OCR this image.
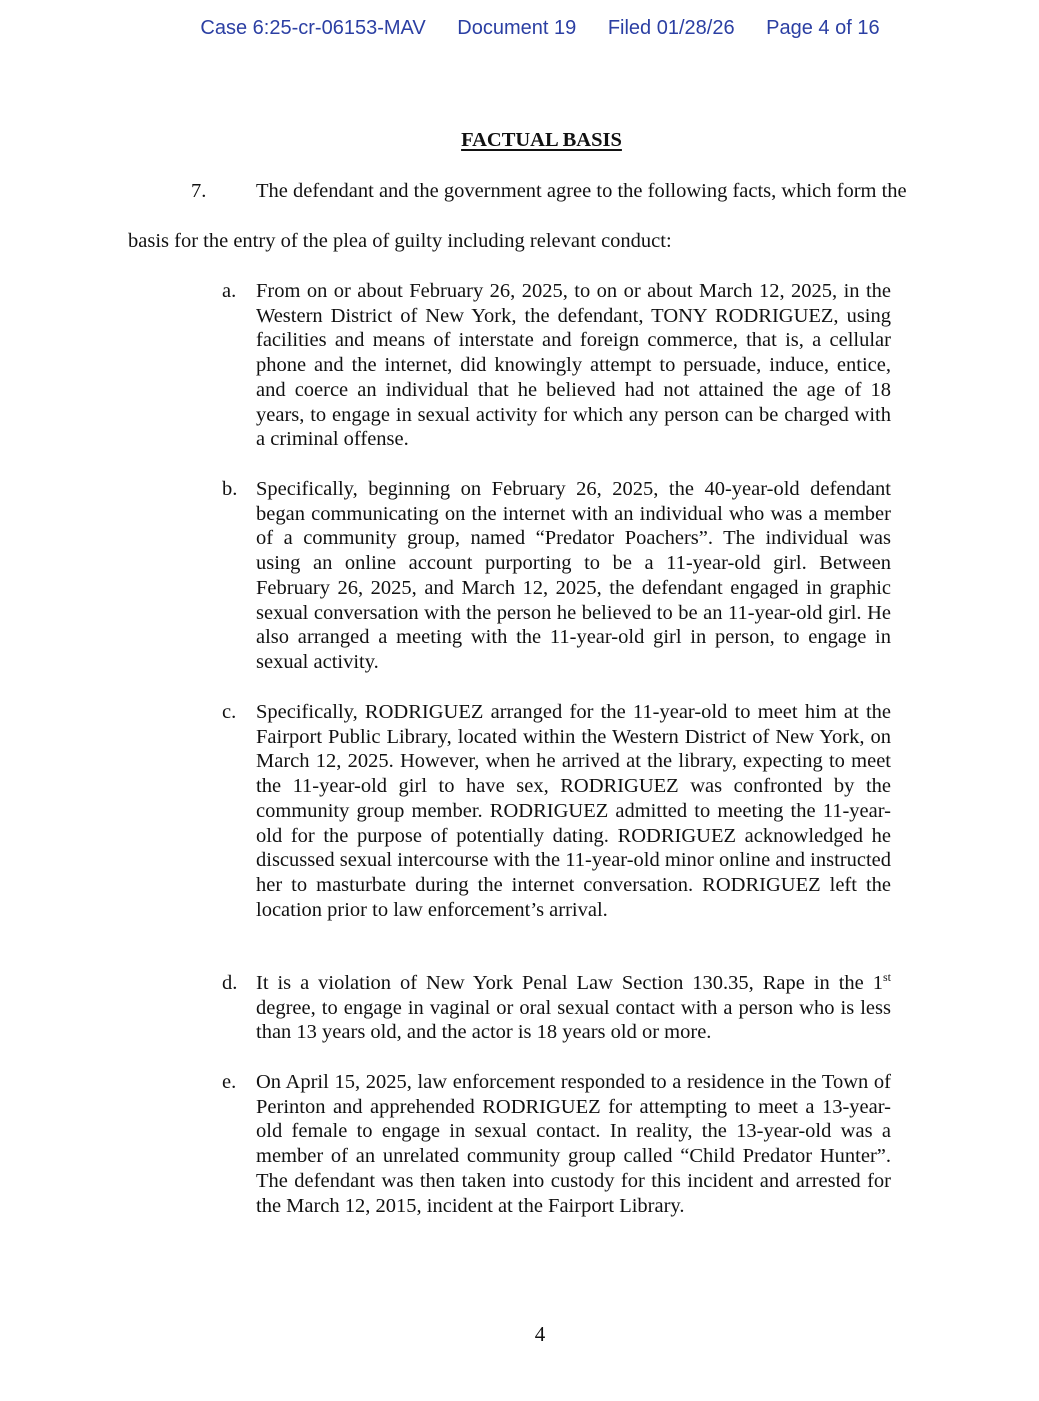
Case 6:25-cr-06153-MAV Document 19 Filed 01/28/26 Page 4 of 16
FACTUAL BASIS
7. The defendant and the government agree to the following facts, which form the
basis for the entry of the plea of guilty including relevant conduct:
a. From on or about February 26, 2025, to on or about March 12, 2025, in the Western District of New York, the defendant, TONY RODRIGUEZ, using facilities and means of interstate and foreign commerce, that is, a cellular phone and the internet, did knowingly attempt to persuade, induce, entice, and coerce an individual that he believed had not attained the age of 18 years, to engage in sexual activity for which any person can be charged with a criminal offense.
b. Specifically, beginning on February 26, 2025, the 40-year-old defendant began communicating on the internet with an individual who was a member of a community group, named “Predator Poachers”. The individual was using an online account purporting to be a 11-year-old girl. Between February 26, 2025, and March 12, 2025, the defendant engaged in graphic sexual conversation with the person he believed to be an 11-year-old girl. He also arranged a meeting with the 11-year-old girl in person, to engage in sexual activity.
c. Specifically, RODRIGUEZ arranged for the 11-year-old to meet him at the Fairport Public Library, located within the Western District of New York, on March 12, 2025. However, when he arrived at the library, expecting to meet the 11-year-old girl to have sex, RODRIGUEZ was confronted by the community group member. RODRIGUEZ admitted to meeting the 11-year-old for the purpose of potentially dating. RODRIGUEZ acknowledged he discussed sexual intercourse with the 11-year-old minor online and instructed her to masturbate during the internet conversation. RODRIGUEZ left the location prior to law enforcement’s arrival.
d. It is a violation of New York Penal Law Section 130.35, Rape in the 1st degree, to engage in vaginal or oral sexual contact with a person who is less than 13 years old, and the actor is 18 years old or more.
e. On April 15, 2025, law enforcement responded to a residence in the Town of Perinton and apprehended RODRIGUEZ for attempting to meet a 13-year-old female to engage in sexual contact. In reality, the 13-year-old was a member of an unrelated community group called “Child Predator Hunter”. The defendant was then taken into custody for this incident and arrested for the March 12, 2015, incident at the Fairport Library.
4
